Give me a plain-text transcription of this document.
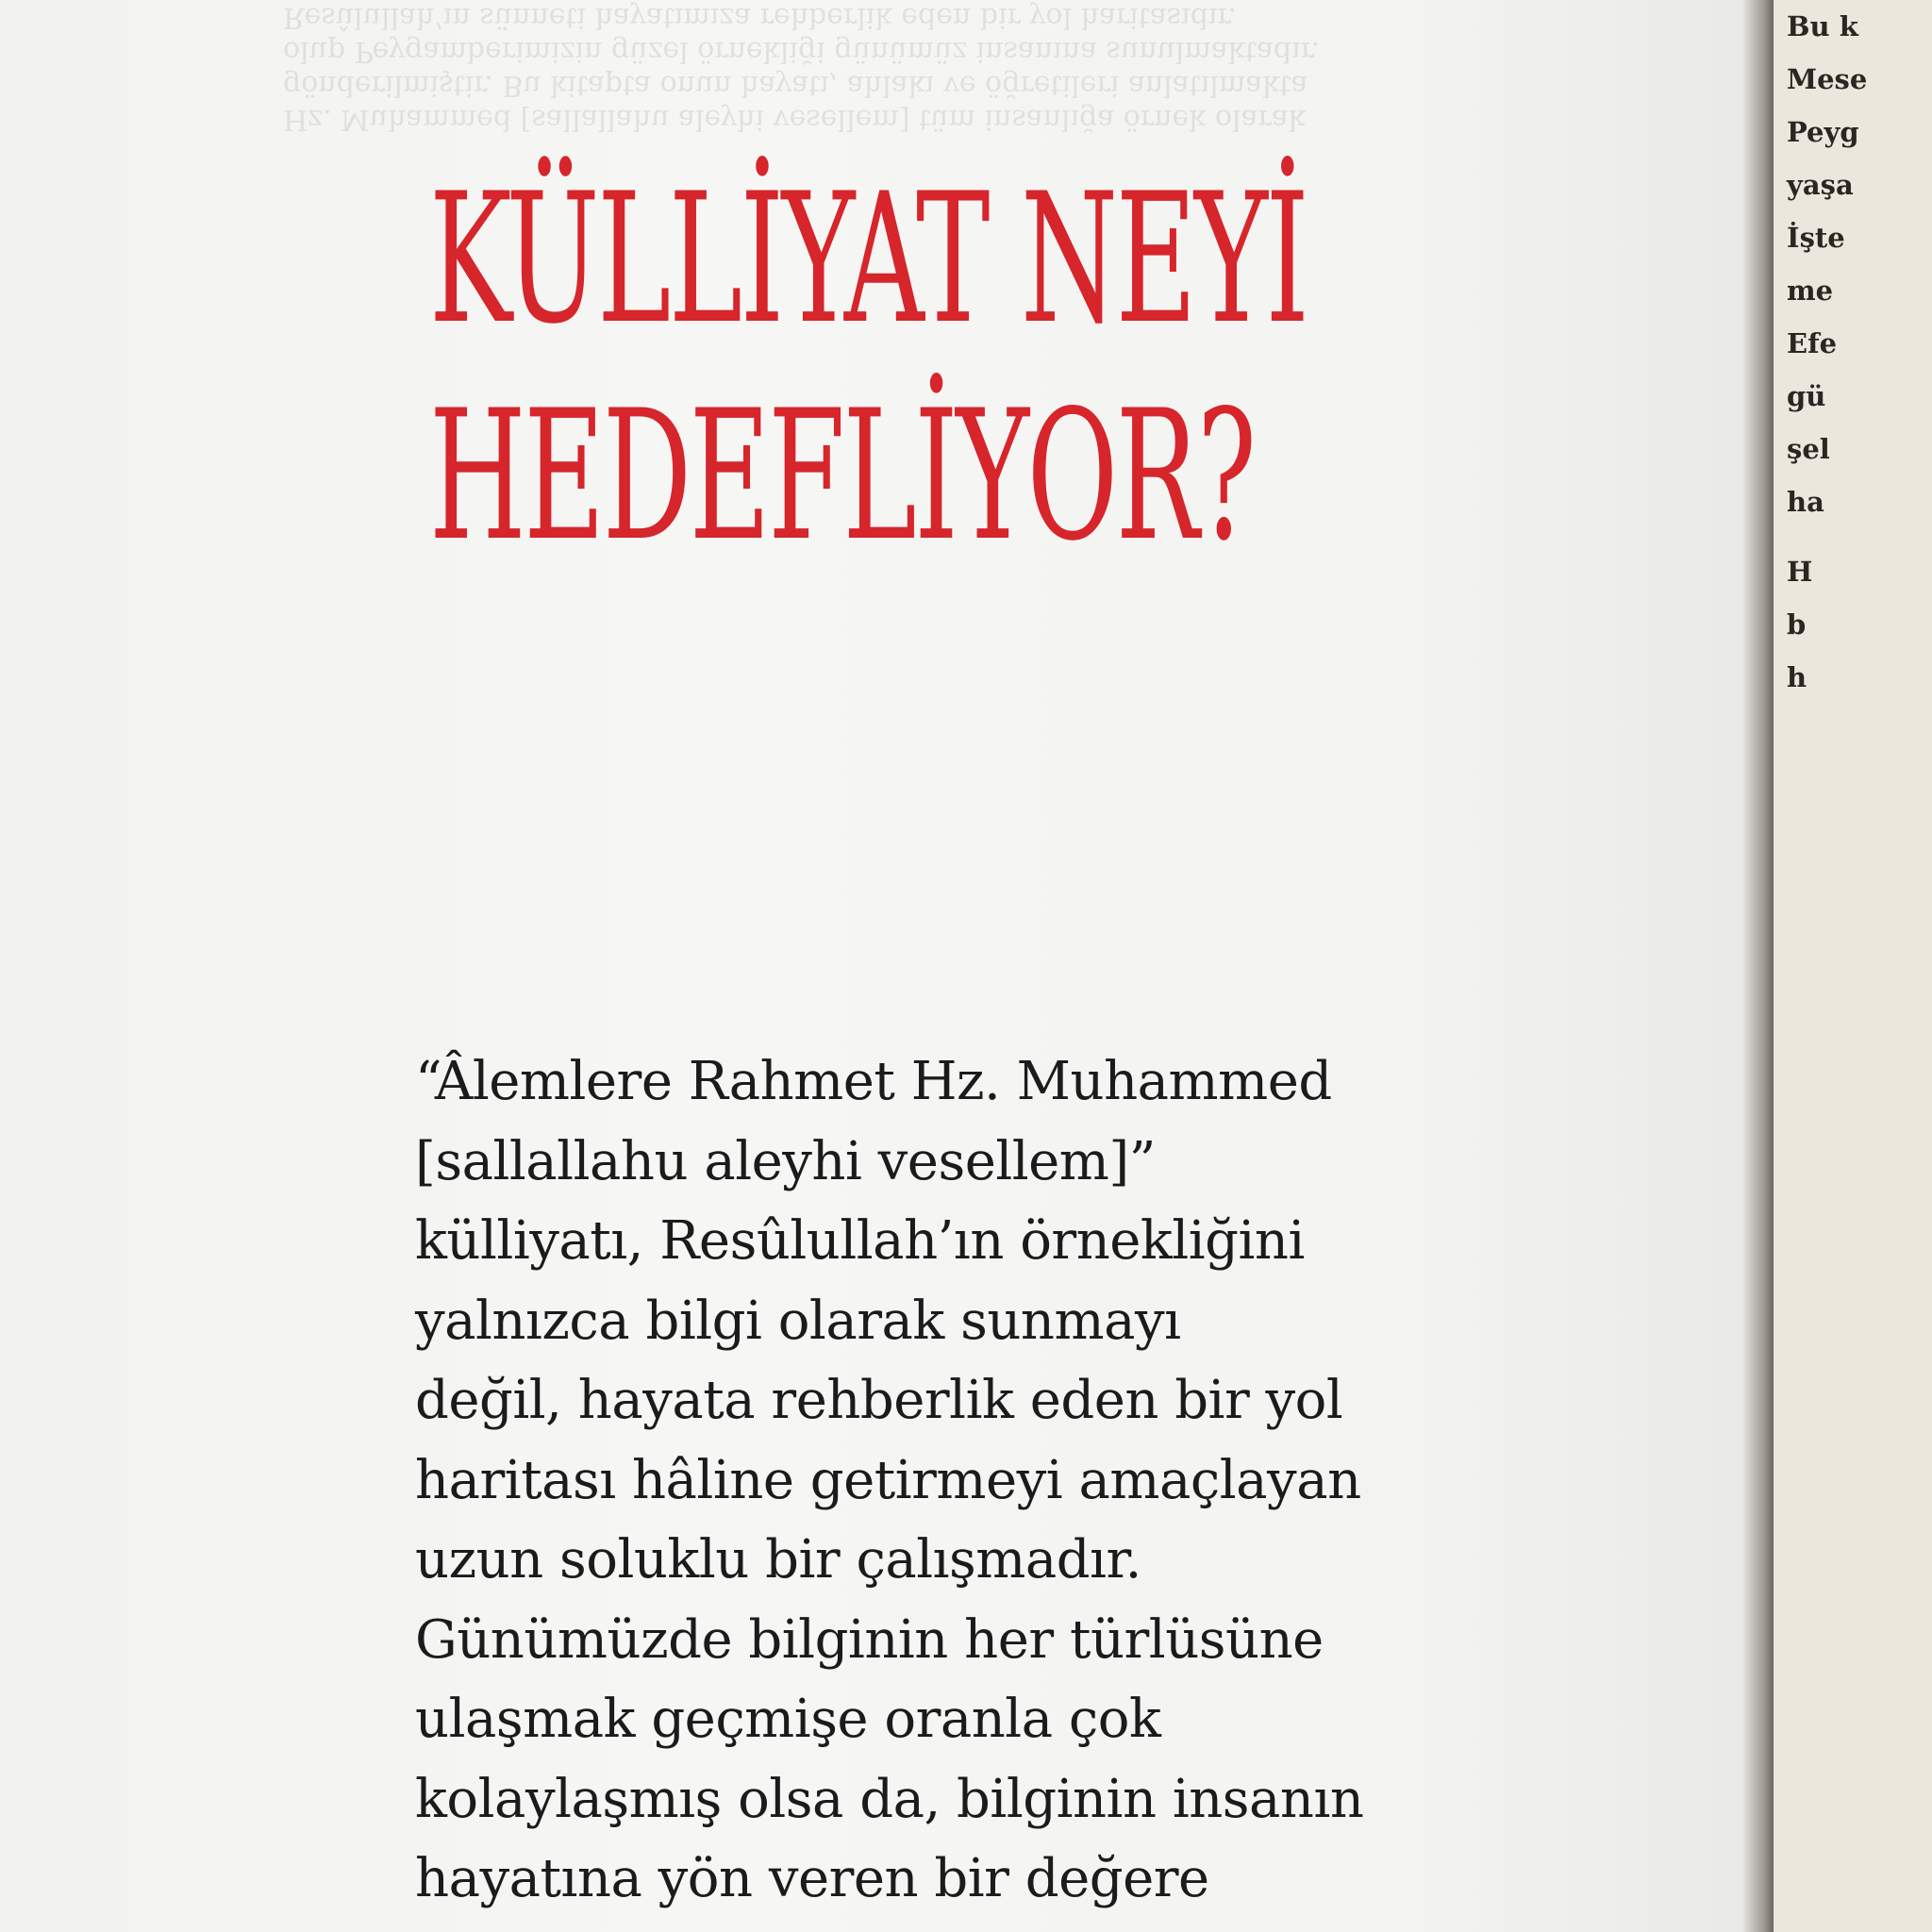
Hz. Muhammed [sallallahu aleyhi vesellem] tüm insanlığa örnek olarak
gönderilmiştir. Bu kitapta onun hayatı, ahlakı ve öğretileri anlatılmakta
olup Peygamberimizin güzel örnekliği günümüz insanına sunulmaktadır.
Resûlullah’ın sünneti hayatımıza rehberlik eden bir yol haritasıdır.
KÜLLİYAT NEYİ
HEDEFLİYOR?
“Âlemlere Rahmet Hz. Muhammed
[sallallahu aleyhi vesellem]”
külliyatı, Resûlullah’ın örnekliğini
yalnızca bilgi olarak sunmayı
değil, hayata rehberlik eden bir yol
haritası hâline getirmeyi amaçlayan
uzun soluklu bir çalışmadır.
Günümüzde bilginin her türlüsüne
ulaşmak geçmişe oranla çok
kolaylaşmış olsa da, bilginin insanın
hayatına yön veren bir değere
Bu k
Mese
Peyg
yaşa
İşte
me
Efe
gü
şel
ha
H
b
h
